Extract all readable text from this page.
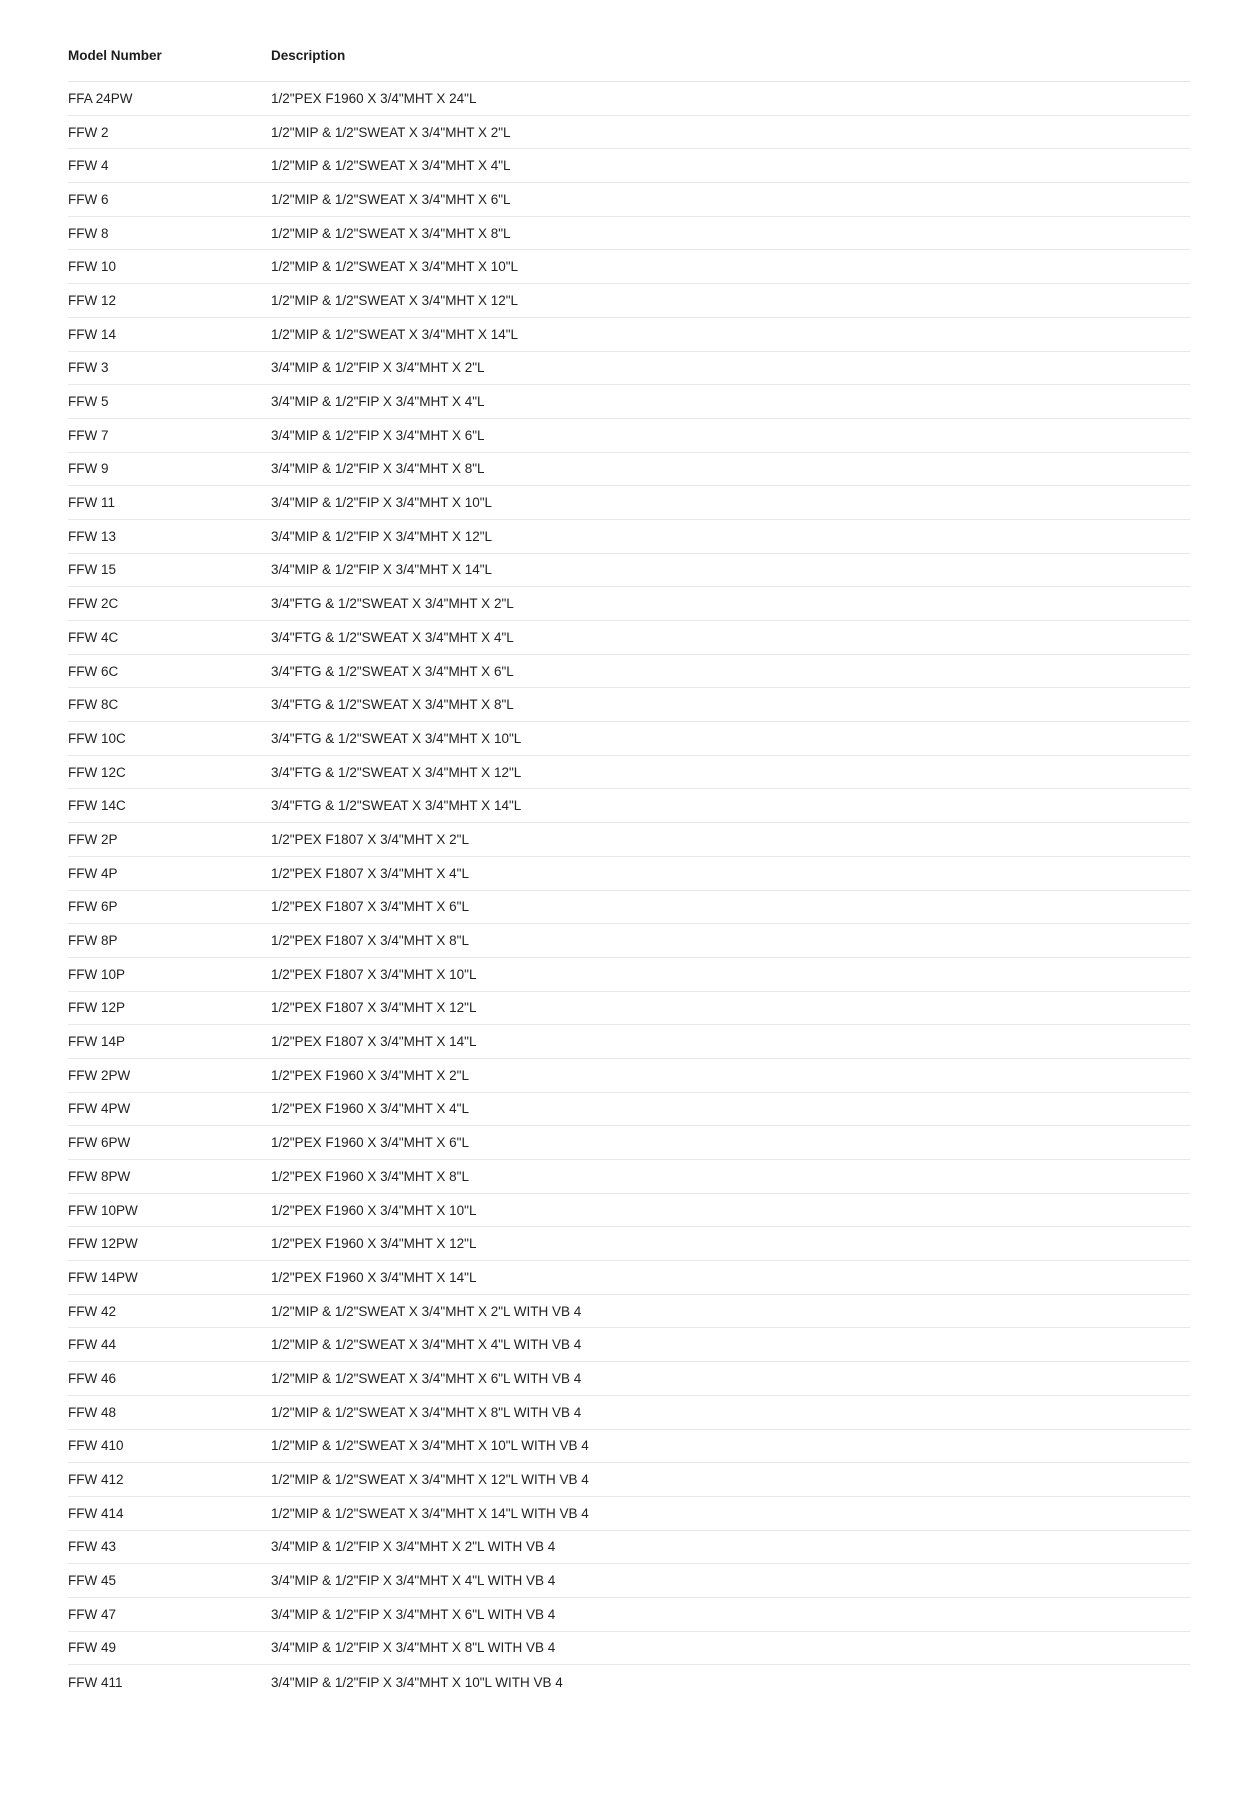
Model Number	Description
FFA 24PW	1/2"PEX F1960 X 3/4"MHT X 24"L
FFW 2	1/2"MIP & 1/2"SWEAT X 3/4"MHT X 2"L
FFW 4	1/2"MIP & 1/2"SWEAT X 3/4"MHT X 4"L
FFW 6	1/2"MIP & 1/2"SWEAT X 3/4"MHT X 6"L
FFW 8	1/2"MIP & 1/2"SWEAT X 3/4"MHT X 8"L
FFW 10	1/2"MIP & 1/2"SWEAT X 3/4"MHT X 10"L
FFW 12	1/2"MIP & 1/2"SWEAT X 3/4"MHT X 12"L
FFW 14	1/2"MIP & 1/2"SWEAT X 3/4"MHT X 14"L
FFW 3	3/4"MIP & 1/2"FIP X 3/4"MHT X 2"L
FFW 5	3/4"MIP & 1/2"FIP X 3/4"MHT X 4"L
FFW 7	3/4"MIP & 1/2"FIP X 3/4"MHT X 6"L
FFW 9	3/4"MIP & 1/2"FIP X 3/4"MHT X 8"L
FFW 11	3/4"MIP & 1/2"FIP X 3/4"MHT X 10"L
FFW 13	3/4"MIP & 1/2"FIP X 3/4"MHT X 12"L
FFW 15	3/4"MIP & 1/2"FIP X 3/4"MHT X 14"L
FFW 2C	3/4"FTG & 1/2"SWEAT X 3/4"MHT X 2"L
FFW 4C	3/4"FTG & 1/2"SWEAT X 3/4"MHT X 4"L
FFW 6C	3/4"FTG & 1/2"SWEAT X 3/4"MHT X 6"L
FFW 8C	3/4"FTG & 1/2"SWEAT X 3/4"MHT X 8"L
FFW 10C	3/4"FTG & 1/2"SWEAT X 3/4"MHT X 10"L
FFW 12C	3/4"FTG & 1/2"SWEAT X 3/4"MHT X 12"L
FFW 14C	3/4"FTG & 1/2"SWEAT X 3/4"MHT X 14"L
FFW 2P	1/2"PEX F1807 X 3/4"MHT X 2"L
FFW 4P	1/2"PEX F1807 X 3/4"MHT X 4"L
FFW 6P	1/2"PEX F1807 X 3/4"MHT X 6"L
FFW 8P	1/2"PEX F1807 X 3/4"MHT X 8"L
FFW 10P	1/2"PEX F1807 X 3/4"MHT X 10"L
FFW 12P	1/2"PEX F1807 X 3/4"MHT X 12"L
FFW 14P	1/2"PEX F1807 X 3/4"MHT X 14"L
FFW 2PW	1/2"PEX F1960 X 3/4"MHT X 2"L
FFW 4PW	1/2"PEX F1960 X 3/4"MHT X 4"L
FFW 6PW	1/2"PEX F1960 X 3/4"MHT X 6"L
FFW 8PW	1/2"PEX F1960 X 3/4"MHT X 8"L
FFW 10PW	1/2"PEX F1960 X 3/4"MHT X 10"L
FFW 12PW	1/2"PEX F1960 X 3/4"MHT X 12"L
FFW 14PW	1/2"PEX F1960 X 3/4"MHT X 14"L
FFW 42	1/2"MIP & 1/2"SWEAT X 3/4"MHT X 2"L WITH VB 4
FFW 44	1/2"MIP & 1/2"SWEAT X 3/4"MHT X 4"L WITH VB 4
FFW 46	1/2"MIP & 1/2"SWEAT X 3/4"MHT X 6"L WITH VB 4
FFW 48	1/2"MIP & 1/2"SWEAT X 3/4"MHT X 8"L WITH VB 4
FFW 410	1/2"MIP & 1/2"SWEAT X 3/4"MHT X 10"L WITH VB 4
FFW 412	1/2"MIP & 1/2"SWEAT X 3/4"MHT X 12"L WITH VB 4
FFW 414	1/2"MIP & 1/2"SWEAT X 3/4"MHT X 14"L WITH VB 4
FFW 43	3/4"MIP & 1/2"FIP X 3/4"MHT X 2"L WITH VB 4
FFW 45	3/4"MIP & 1/2"FIP X 3/4"MHT X 4"L WITH VB 4
FFW 47	3/4"MIP & 1/2"FIP X 3/4"MHT X 6"L WITH VB 4
FFW 49	3/4"MIP & 1/2"FIP X 3/4"MHT X 8"L WITH VB 4
FFW 411	3/4"MIP & 1/2"FIP X 3/4"MHT X 10"L WITH VB 4
